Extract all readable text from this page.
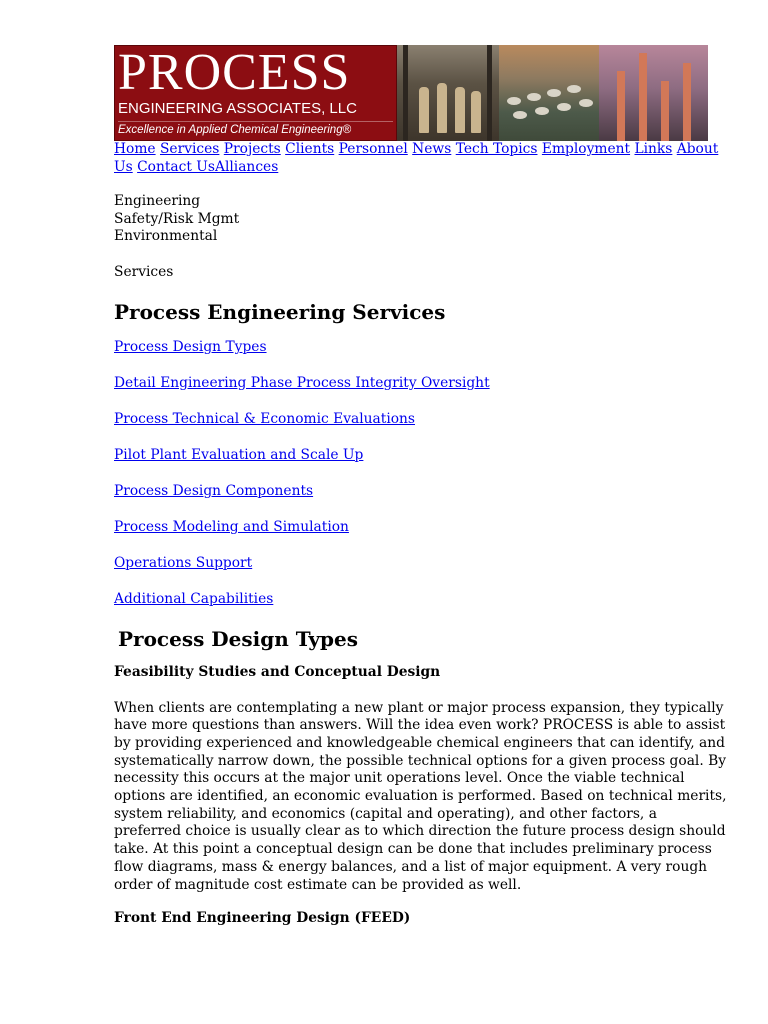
PROCESS
ENGINEERING ASSOCIATES, LLC
Excellence in Applied Chemical Engineering®
Home Services Projects Clients Personnel News Tech Topics Employment Links About Us Contact UsAlliances
Engineering
Safety/Risk Mgmt
Environmental
Services
Process Engineering Services
Process Design Types
Detail Engineering Phase Process Integrity Oversight
Process Technical & Economic Evaluations
Pilot Plant Evaluation and Scale Up
Process Design Components
Process Modeling and Simulation
Operations Support
Additional Capabilities
Process Design Types
Feasibility Studies and Conceptual Design

When clients are contemplating a new plant or major process expansion, they typically have more questions than answers. Will the idea even work? PROCESS is able to assist by providing experienced and knowledgeable chemical engineers that can identify, and systematically narrow down, the possible technical options for a given process goal. By necessity this occurs at the major unit operations level. Once the viable technical options are identified, an economic evaluation is performed. Based on technical merits, system reliability, and economics (capital and operating), and other factors, a preferred choice is usually clear as to which direction the future process design should take. At this point a conceptual design can be done that includes preliminary process flow diagrams, mass & energy balances, and a list of major equipment. A very rough order of magnitude cost estimate can be provided as well.

Front End Engineering Design (FEED)
